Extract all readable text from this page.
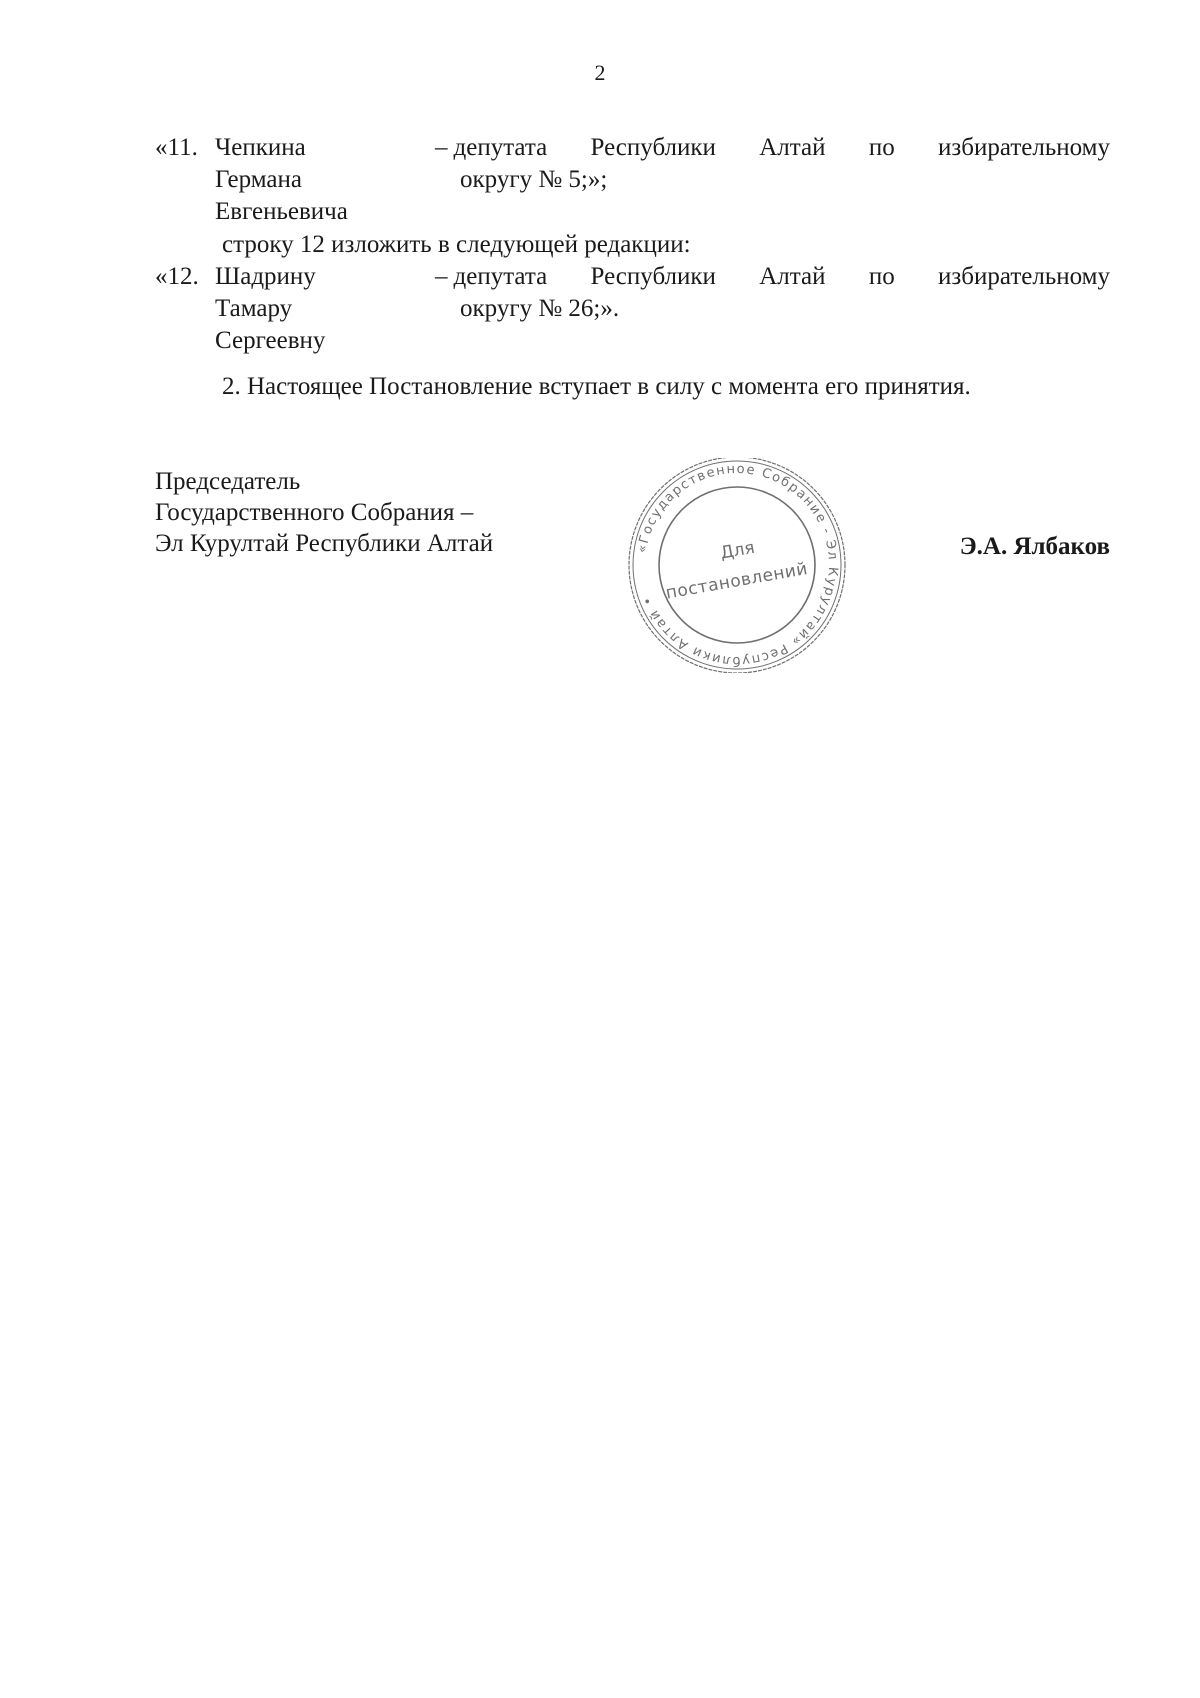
2
«11. Чепкина
Германа
Евгеньевича
– депутата Республики Алтай по избирательному
округу № 5;»;
строку 12 изложить в следующей редакции:
«12. Шадрину
Тамару
Сергеевну
– депутата Республики Алтай по избирательному
округу № 26;».
2. Настоящее Постановление вступает в силу с момента его принятия.
Председатель
Государственного Собрания –
Эл Курултай Республики Алтай	Э.А. Ялбаков
«Государственное Собрание - Эл Курултай» Республики Алтай •
Для
постановлений
